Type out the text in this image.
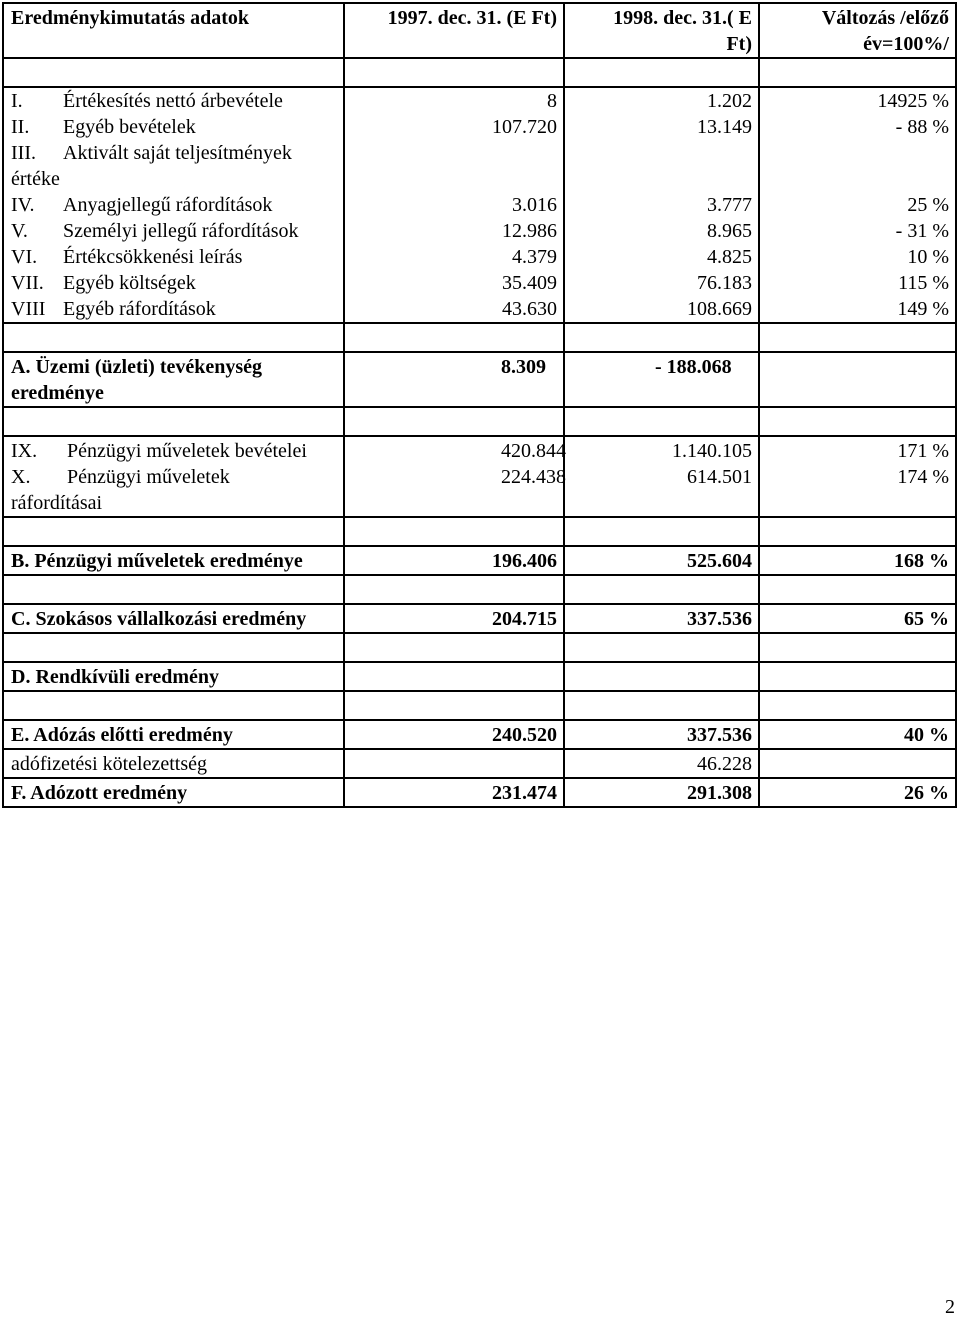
Eredménykimutatás adatok	1997. dec. 31. (E Ft)	1998. dec. 31.( E
Ft)	Változás /előző
év=100%/

I. Értékesítés nettó árbevétele	8	1.202	14925 %
II. Egyéb bevételek	107.720	13.149	- 88 %
III. Aktivált saját teljesítmények
értéke			
IV. Anyagjellegű ráfordítások	3.016	3.777	25 %
V. Személyi jellegű ráfordítások	12.986	8.965	- 31 %
VI. Értékcsökkenési leírás	4.379	4.825	10 %
VII. Egyéb költségek	35.409	76.183	115 %
VIII Egyéb ráfordítások	43.630	108.669	149 %

A. Üzemi (üzleti) tevékenység
eredménye	8.309	- 188.068	

IX. Pénzügyi műveletek bevételei	420.844	1.140.105	171 %
X. Pénzügyi műveletek
ráfordításai	224.438	614.501	174 %

B. Pénzügyi műveletek eredménye	196.406	525.604	168 %

C. Szokásos vállalkozási eredmény	204.715	337.536	65 %

D. Rendkívüli eredmény			

E. Adózás előtti eredmény	240.520	337.536	40 %
adófizetési kötelezettség		46.228	
F. Adózott eredmény	231.474	291.308	26 %
2
